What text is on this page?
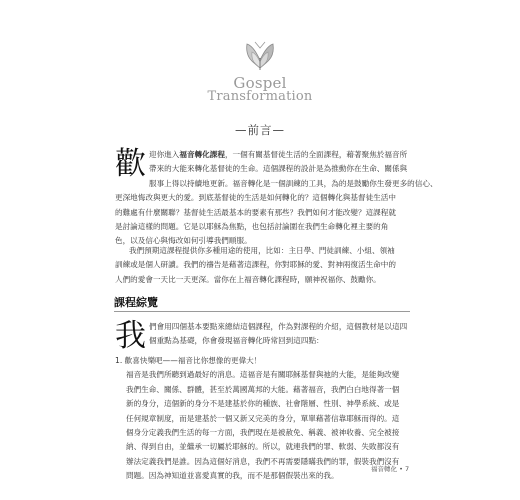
Gospel
Transformation
—前言—
歡 迎你進入福音轉化課程，一個有關基督徒生活的全面課程，藉著聚焦於福音所
帶來的大能來轉化基督徒的生命。這個課程的設計是為推動你在生命、關係與
服事上得以持續地更新。福音轉化是一個訓練的工具，為的是鼓勵你生發更多的信心、
更深地悔改與更大的愛。到底基督徒的生活是如何轉化的？這個轉化與基督徒生活中
的難處有什麼關聯？基督徒生活最基本的要素有那些？我們如何才能改變？這課程就
是討論這樣的問題。它是以耶穌為焦點，也包括討論圍在我們生命轉化裡主要的角
色，以及信心與悔改如何引導我們順服。
我們預期這課程提供你多種用途的使用，比如：主日學、門徒訓練、小組、領袖
訓練或是個人研讀。我們的禱告是藉著這課程，你對耶穌的愛、對神兩復活生命中的
人們的愛會一天比一天更深。當你在上福音轉化課程時，願神祝福你、鼓勵你。
課程綜覽
我 們會用四個基本要點來總結這個課程，作為對課程的介紹，這個教材是以這四
個重點為基礎，你會發現福音轉化時常回到這四點：
1. 歡喜快樂吧——福音比你想像的更偉大！
福音是我們所聽到過最好的消息。這福音是有關耶穌基督與祂的大能，是能夠改變
我們生命、關係、群體，甚至於萬國萬邦的大能。藉著福音，我們白白地得著一個
新的身分，這個新的身分不是建基於你的種族、社會階層、性別、神學系統、或是
任何規章制度，而是建基於一個又新又完美的身分，單單藉著信靠耶穌而得的。這
個身分定義我們生活的每一方面，我們現在是被赦免、稱義、被神收養、完全被接
納、得到自由，並繼承一切屬於耶穌的。所以，就連我們的罪、軟弱、失敗都沒有
辦法定義我們是誰。因為這個好消息，我們不再需要隱瞞我們的罪，假裝我們沒有
問題。因為神知道並喜愛真實的我，而不是那個假裝出來的我。
福音轉化 • 7
